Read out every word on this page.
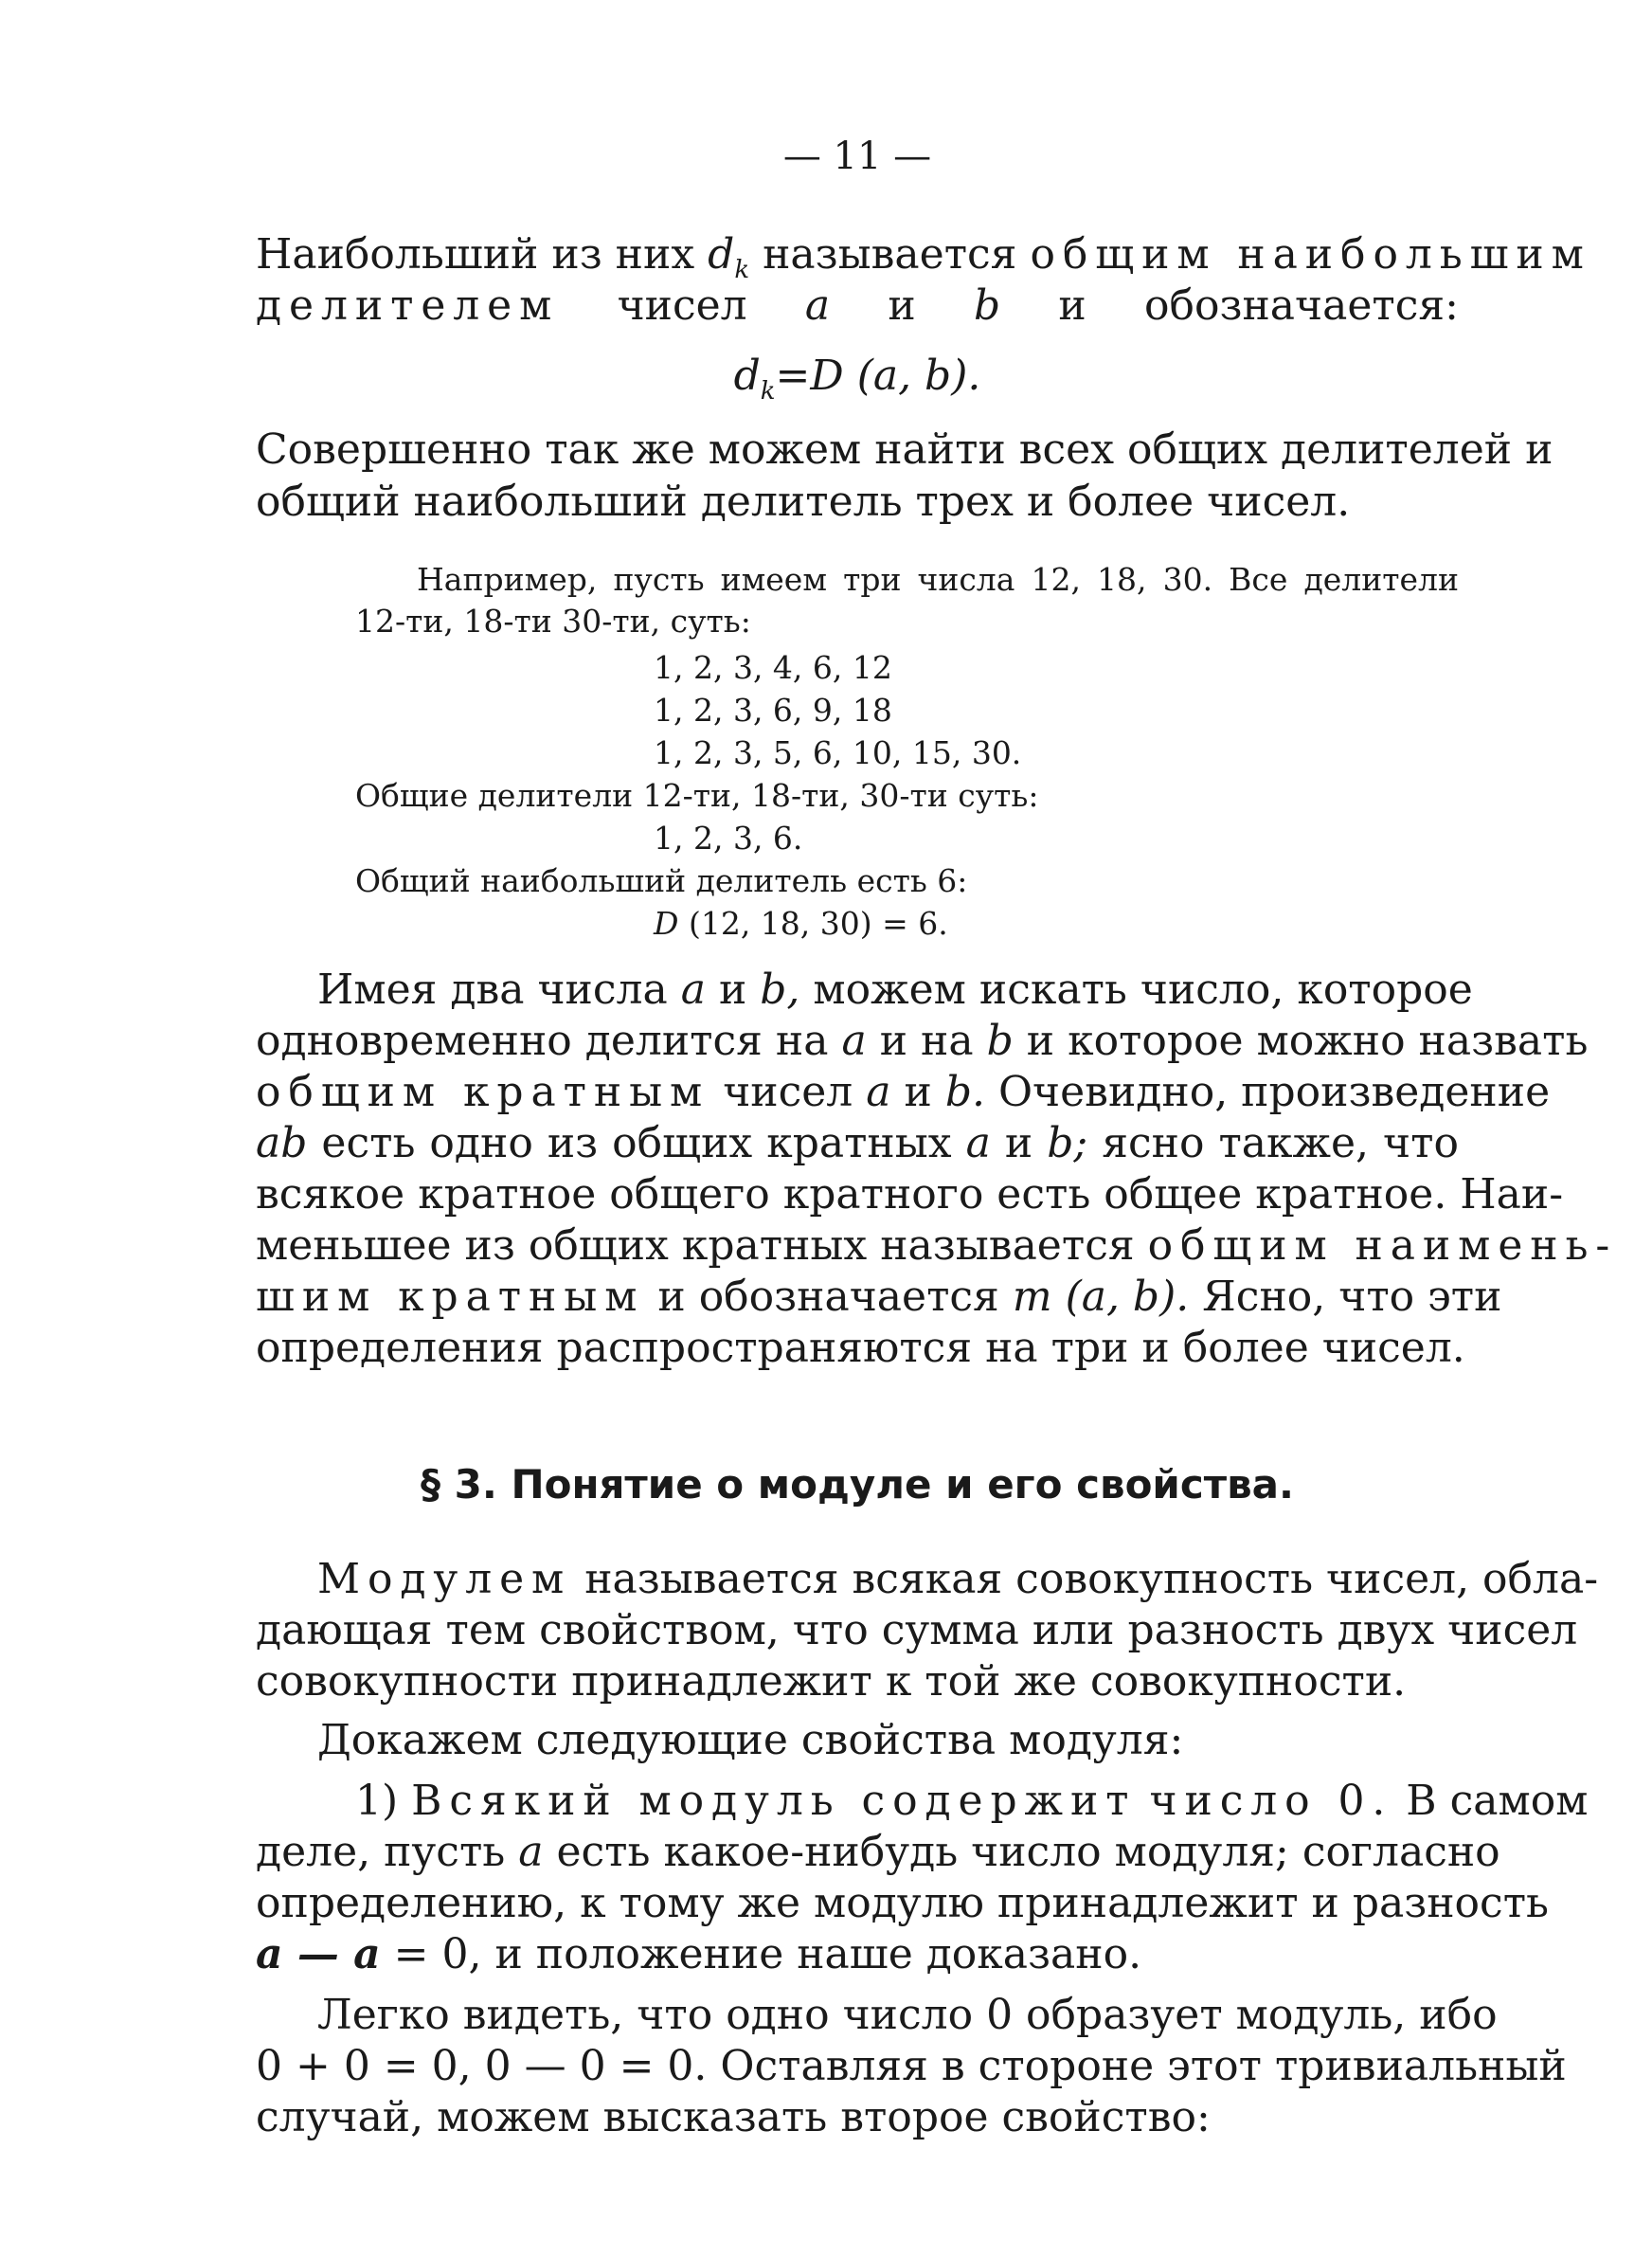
— 11 —
Наибольший из них $d_k$ называется общим наибольшим
делителем чисел a и b и обозначается:
$d_k=D$ (a, b).
Совершенно так же можем найти всех общих делителей и
общий наибольший делитель трех и более чисел.
Например, пусть имеем три числа 12, 18, 30. Все делители
12-ти, 18-ти 30-ти, суть:
1, 2, 3, 4, 6, 12
1, 2, 3, 6, 9, 18
1, 2, 3, 5, 6, 10, 15, 30.
Общие делители 12-ти, 18-ти, 30-ти суть:
1, 2, 3, 6.
Общий наибольший делитель есть 6:
D (12, 18, 30) = 6.
Имея два числа a и b, можем искать число, которое
одновременно делится на a и на b и которое можно назвать
общим кратным чисел a и b. Очевидно, произведение
ab есть одно из общих кратных a и b; ясно также, что
всякое кратное общего кратного есть общее кратное. Наи-
меньшее из общих кратных называется общим наимень-
шим кратным и обозначается m (a, b). Ясно, что эти
определения распространяются на три и более чисел.
§ 3. Понятие о модуле и его свойства.
Модулем называется всякая совокупность чисел, обла-
дающая тем свойством, что сумма или разность двух чисел
совокупности принадлежит к той же совокупности.
Докажем следующие свойства модуля:
1) Всякий модуль содержит число 0. В самом
деле, пусть a есть какое-нибудь число модуля; согласно
определению, к тому же модулю принадлежит и разность
a — a = 0, и положение наше доказано.
Легко видеть, что одно число 0 образует модуль, ибо
0 + 0 = 0, 0 — 0 = 0. Оставляя в стороне этот тривиальный
случай, можем высказать второе свойство:
